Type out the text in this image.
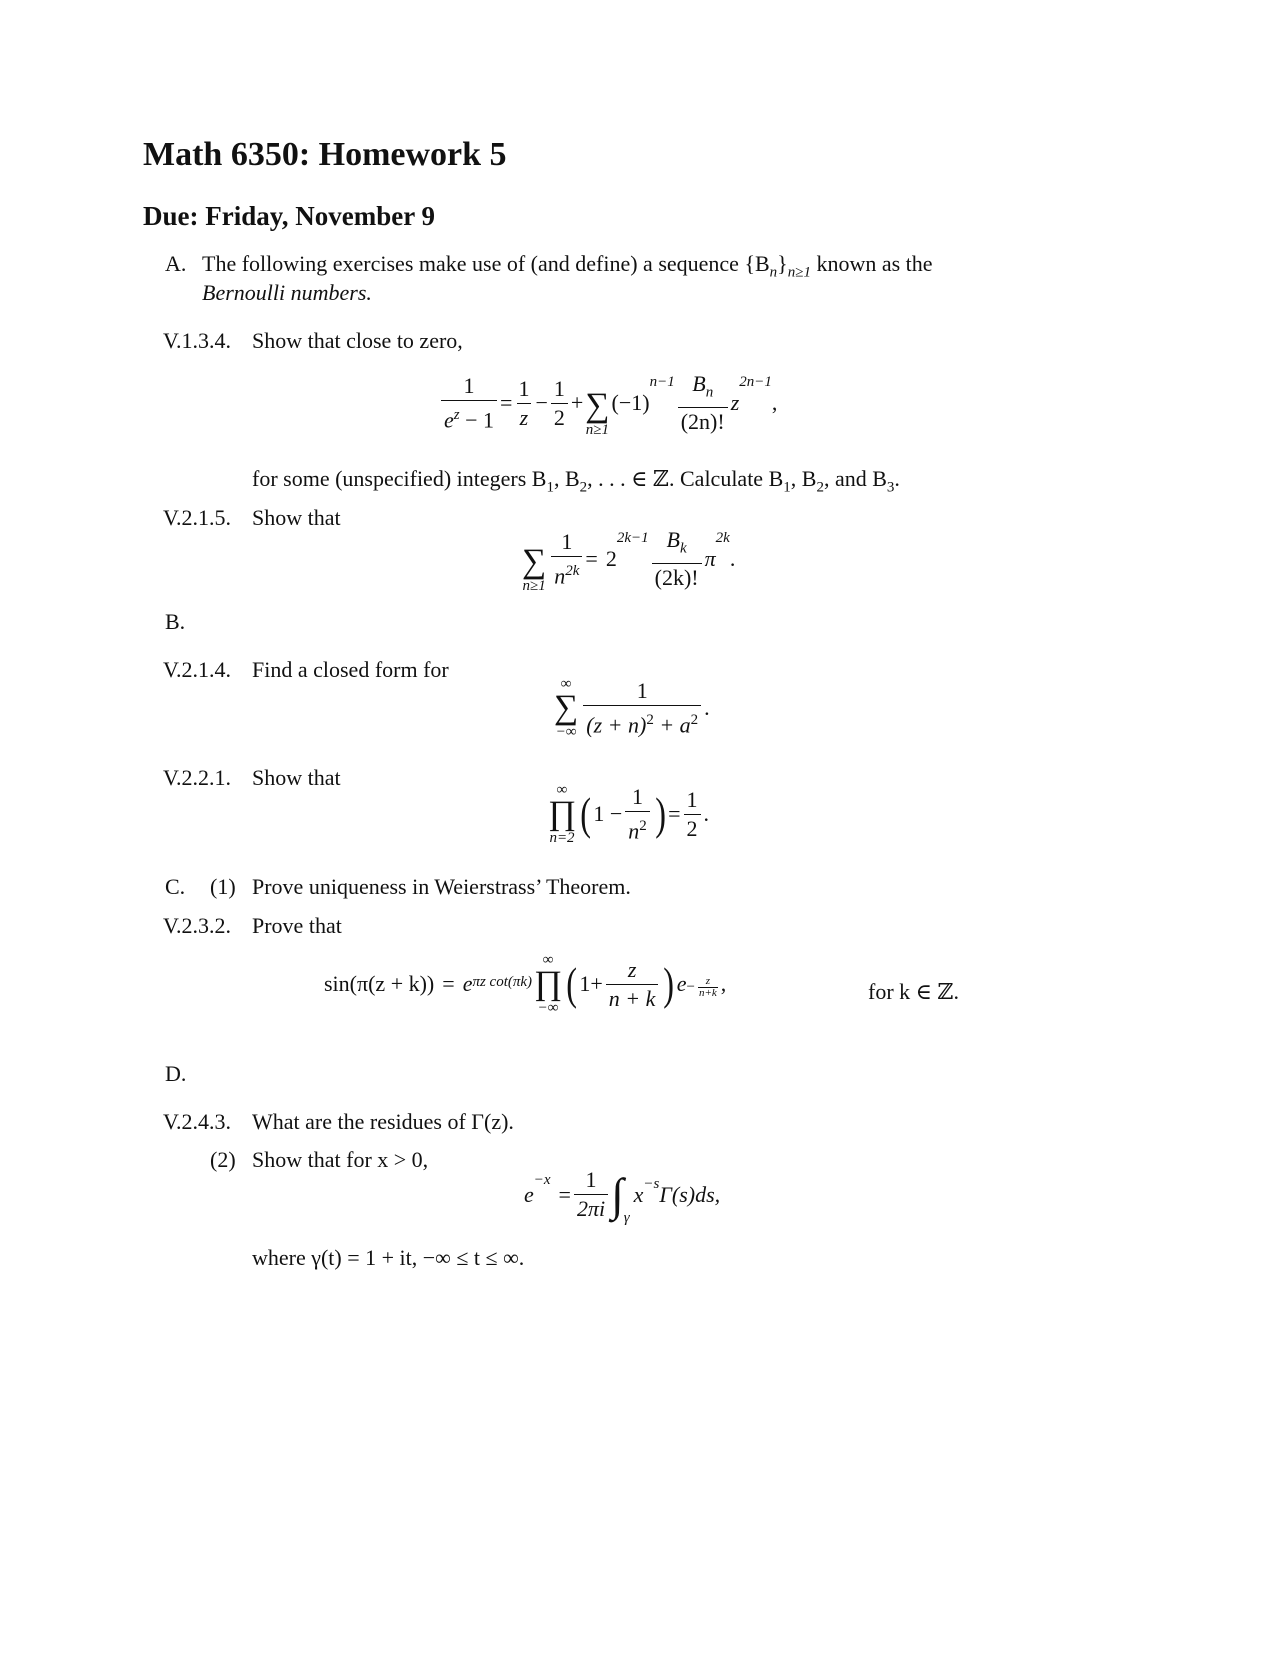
Math 6350: Homework 5
Due: Friday, November 9
A. The following exercises make use of (and define) a sequence $\{B_n\}_{n\ge 1}$ known as the
Bernoulli numbers.
V.1.3.4. Show that close to zero,
$\frac{1}{e^z - 1} = \frac{1}{z} - \frac{1}{2}$ + ∑
n≥1
(−1)
$^{n-1} \frac{B_n}{(2n)!}$ z
$^{2n-1}$
,
for some (unspecified) integers $B_1$, $B_2$, . . . ∈ ℤ. Calculate $B_1$, $B_2$, and $B_3$.
V.2.1.5. Show that
∑
$n\ge 1 \frac{1}{n^{2k}} = 2$
$^{2k-1} \frac{B_k}{(2k)!}$ π
$^{2k}$
.
B.
V.2.1.4. Find a closed form for
∞
∑
−∞ $\frac{1}{(z + n)^2 + a^2}$ .
V.2.2.1. Show that	∞
∏
n=2 ( $1 - \frac{1}{n^2}$ ) = $\frac{1}{2}$ .
C. (1) Prove uniqueness in Weierstrass’ Theorem.
V.2.3.2. Prove that
sin(π(z + k)) = e πz cot(πk)
∞
∏
−∞ ( $1+ \frac{z}{n + k}$ ) $e - \frac{z}{n+k}$ ,	for k ∈ ℤ.
D.
V.2.4.3. What are the residues of Γ(z).
(2) Show that for x > 0,
e
$^{-x}$
= $\frac{1}{2\pi i}$ ∫ $_\gamma$
x $^{-s}$ Γ(s)ds,
where γ(t) = 1 + it, −∞ ≤ t ≤ ∞.
